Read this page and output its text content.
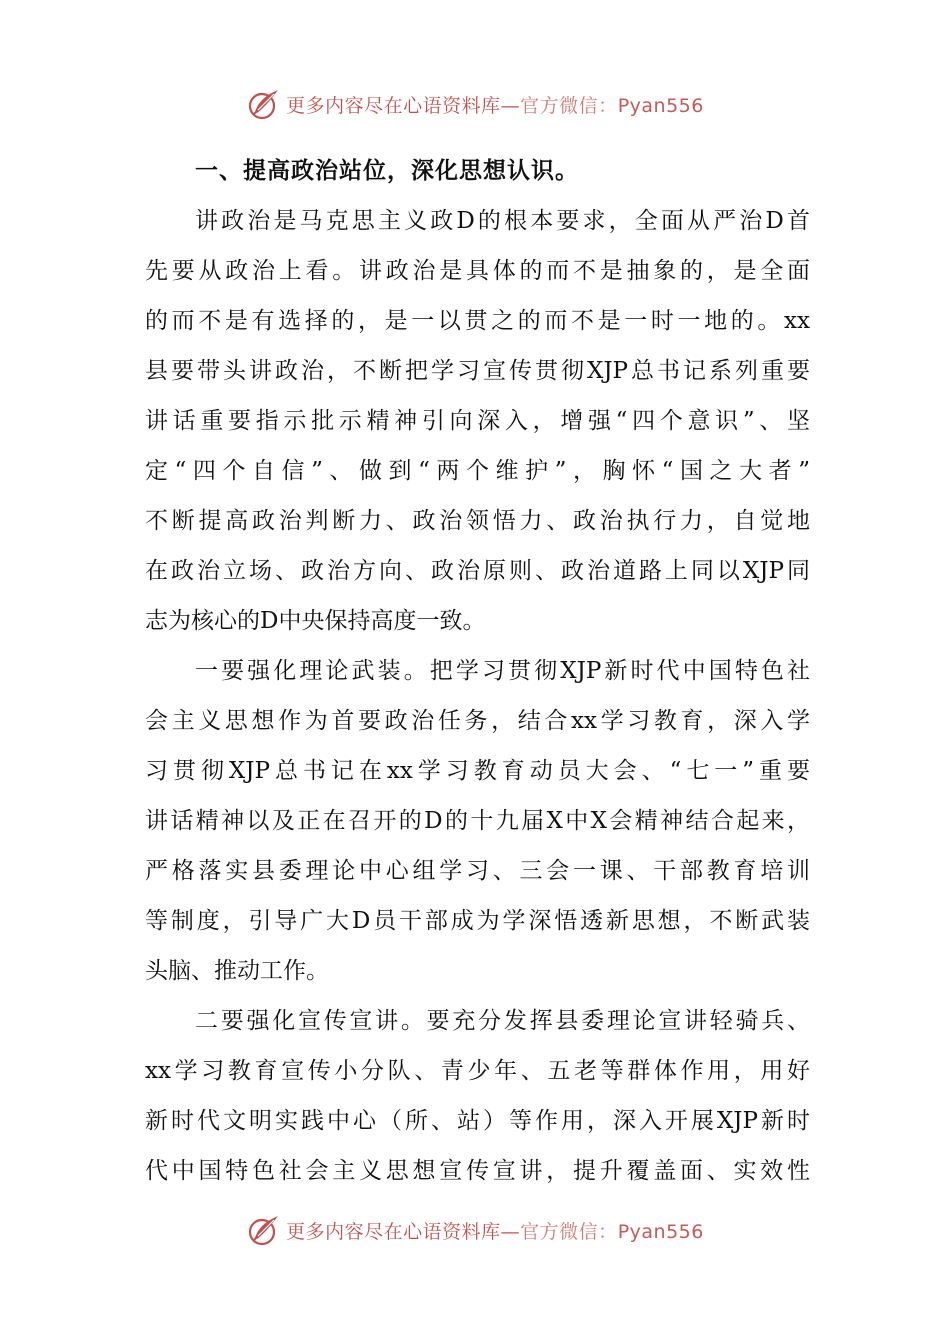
更多内容尽在心语资料库—官方微信：Pyan556
一、提高政治站位，深化思想认识。
讲政治是马克思主义政D的根本要求，全面从严治D首
先要从政治上看。讲政治是具体的而不是抽象的，是全面
的而不是有选择的，是一以贯之的而不是一时一地的。xx
县要带头讲政治，不断把学习宣传贯彻XJP总书记系列重要
讲话重要指示批示精神引向深入，增强“四个意识”、坚
定“四个自信”、做到“两个维护”，胸怀“国之大者”
不断提高政治判断力、政治领悟力、政治执行力，自觉地
在政治立场、政治方向、政治原则、政治道路上同以XJP同
志为核心的D中央保持高度一致。
一要强化理论武装。把学习贯彻XJP新时代中国特色社
会主义思想作为首要政治任务，结合xx学习教育，深入学
习贯彻XJP总书记在xx学习教育动员大会、“七一”重要
讲话精神以及正在召开的D的十九届X中X会精神结合起来，
严格落实县委理论中心组学习、三会一课、干部教育培训
等制度，引导广大D员干部成为学深悟透新思想，不断武装
头脑、推动工作。
二要强化宣传宣讲。要充分发挥县委理论宣讲轻骑兵、
xx学习教育宣传小分队、青少年、五老等群体作用，用好
新时代文明实践中心（所、站）等作用，深入开展XJP新时
代中国特色社会主义思想宣传宣讲，提升覆盖面、实效性
更多内容尽在心语资料库—官方微信：Pyan556
